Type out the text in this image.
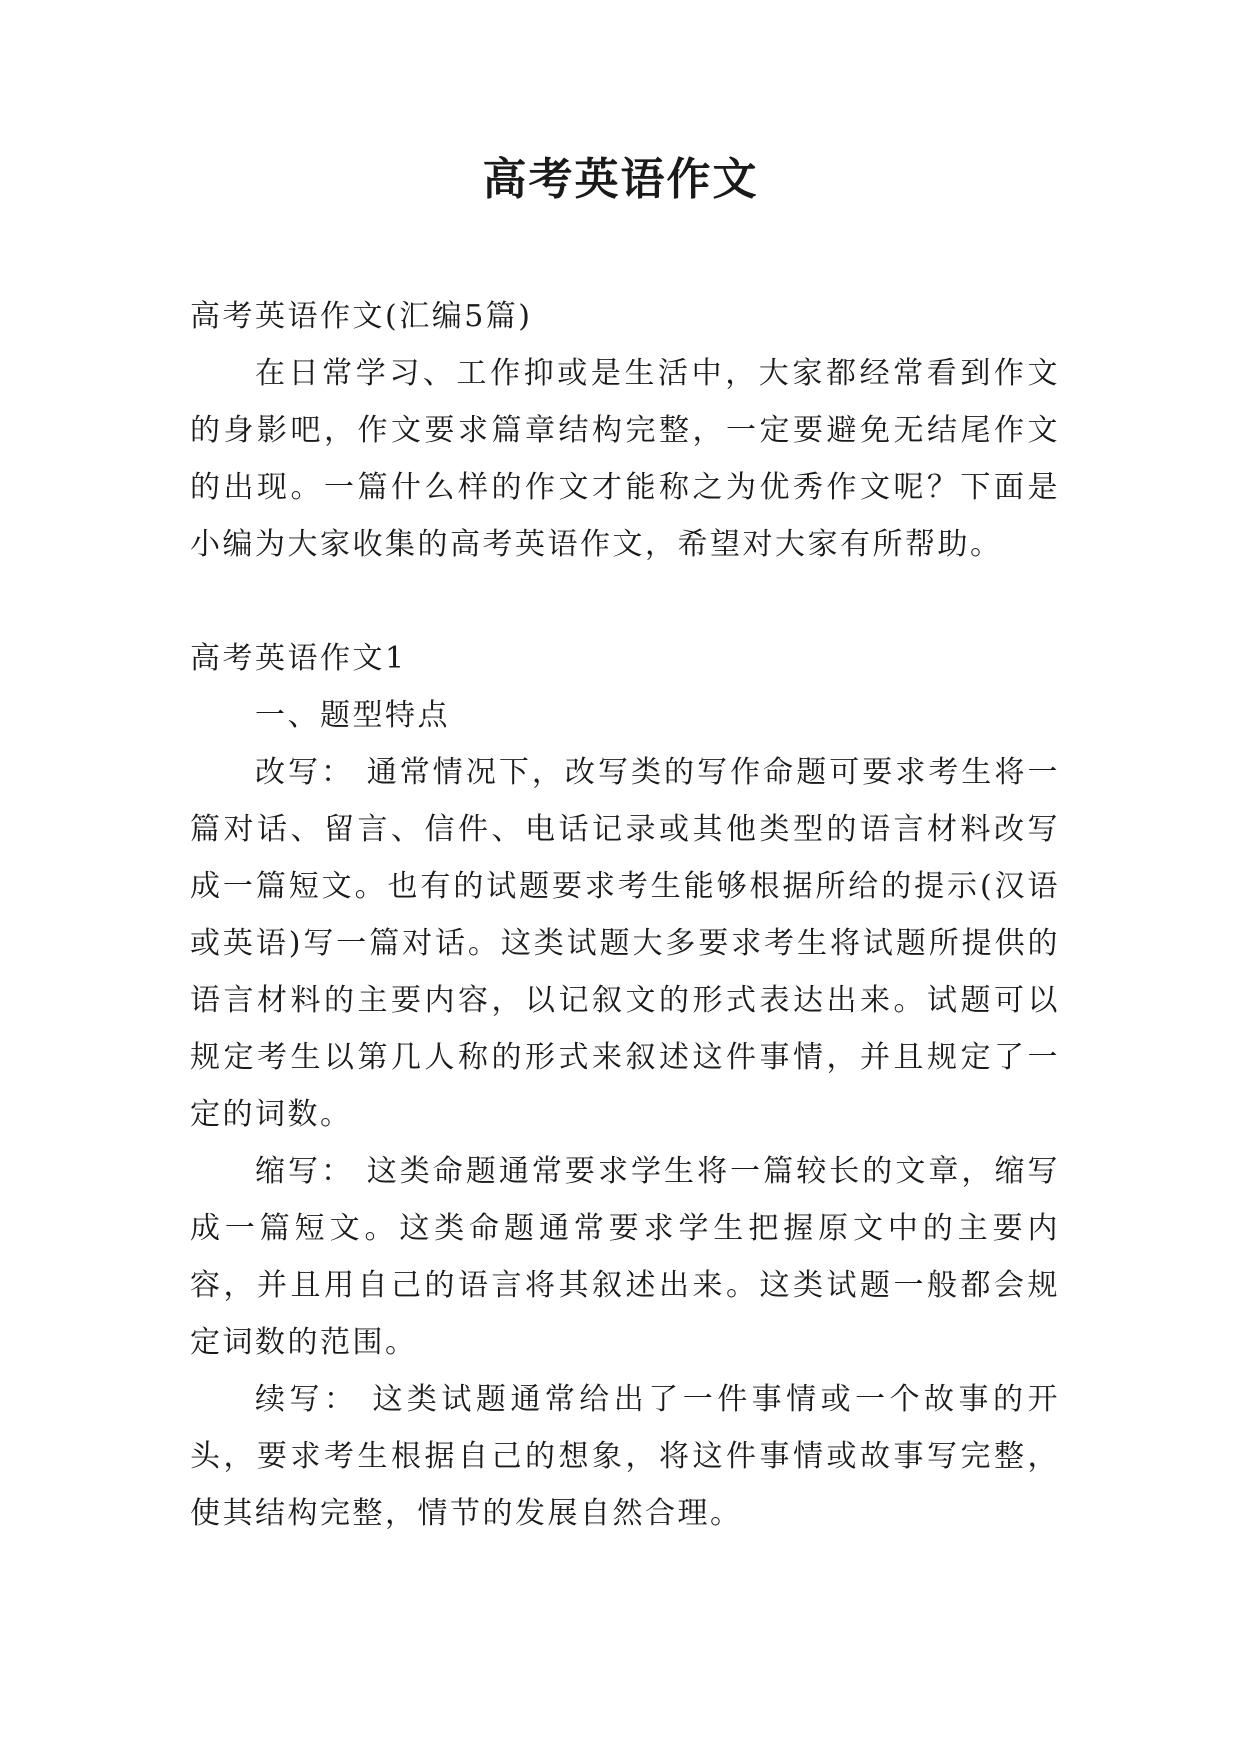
高考英语作文

高考英语作文(汇编5篇)

在日常学习、工作抑或是生活中，大家都经常看到作文的身影吧，作文要求篇章结构完整，一定要避免无结尾作文的出现。一篇什么样的作文才能称之为优秀作文呢？下面是小编为大家收集的高考英语作文，希望对大家有所帮助。

高考英语作文1

一、题型特点

改写： 通常情况下，改写类的写作命题可要求考生将一篇对话、留言、信件、电话记录或其他类型的语言材料改写成一篇短文。也有的试题要求考生能够根据所给的提示(汉语或英语)写一篇对话。这类试题大多要求考生将试题所提供的语言材料的主要内容，以记叙文的形式表达出来。试题可以规定考生以第几人称的形式来叙述这件事情，并且规定了一定的词数。

缩写： 这类命题通常要求学生将一篇较长的文章，缩写成一篇短文。这类命题通常要求学生把握原文中的主要内容，并且用自己的语言将其叙述出来。这类试题一般都会规定词数的范围。

续写： 这类试题通常给出了一件事情或一个故事的开头，要求考生根据自己的想象，将这件事情或故事写完整，使其结构完整，情节的发展自然合理。
